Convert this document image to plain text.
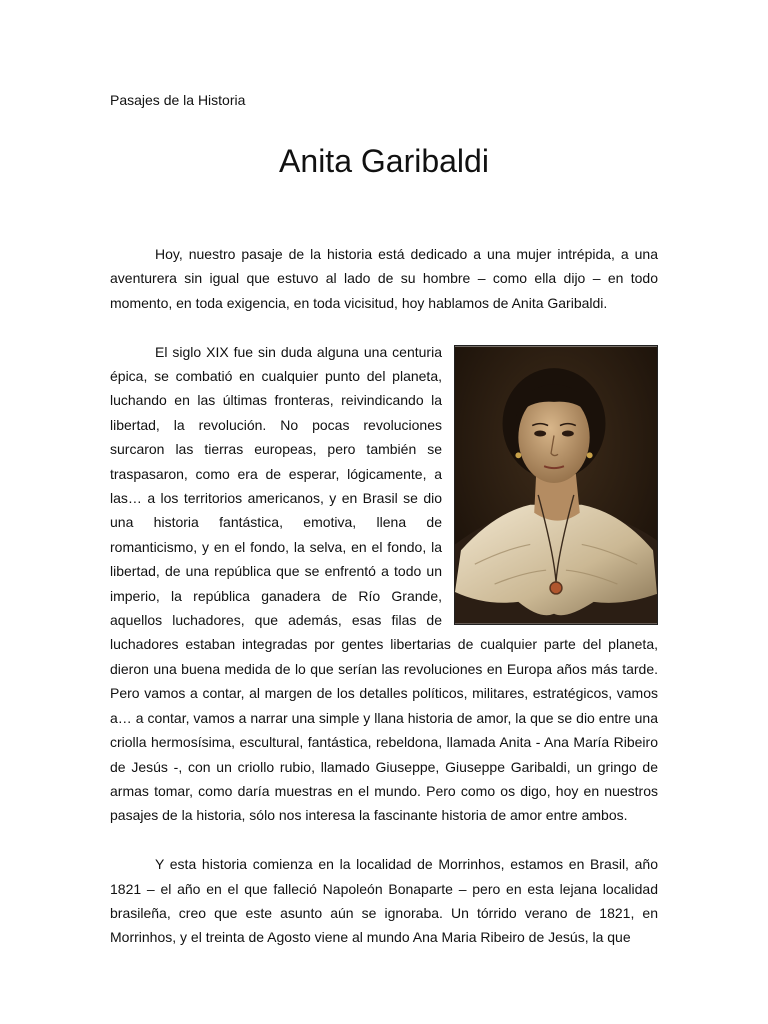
Pasajes de la Historia
Anita Garibaldi

Hoy, nuestro pasaje de la historia está dedicado a una mujer intrépida, a una aventurera sin igual que estuvo al lado de su hombre – como ella dijo – en todo momento, en toda exigencia, en toda vicisitud, hoy hablamos de Anita Garibaldi.

El siglo XIX fue sin duda alguna una centuria épica, se combatió en cualquier punto del planeta, luchando en las últimas fronteras, reivindicando la libertad, la revolución. No pocas revoluciones surcaron las tierras europeas, pero también se traspasaron, como era de esperar, lógicamente, a las… a los territorios americanos, y en Brasil se dio una historia fantástica, emotiva, llena de romanticismo, y en el fondo, la selva, en el fondo, la libertad, de una república que se enfrentó a todo un imperio, la república ganadera de Río Grande, aquellos luchadores, que además, esas filas de luchadores estaban integradas por gentes libertarias de cualquier parte del planeta, dieron una buena medida de lo que serían las revoluciones en Europa años más tarde. Pero vamos a contar, al margen de los detalles políticos, militares, estratégicos, vamos a… a contar, vamos a narrar una simple y llana historia de amor, la que se dio entre una criolla hermosísima, escultural, fantástica, rebeldona, llamada Anita - Ana María Ribeiro de Jesús -, con un criollo rubio, llamado Giuseppe, Giuseppe Garibaldi, un gringo de armas tomar, como daría muestras en el mundo. Pero como os digo, hoy en nuestros pasajes de la historia, sólo nos interesa la fascinante historia de amor entre ambos.

Y esta historia comienza en la localidad de Morrinhos, estamos en Brasil, año 1821 – el año en el que falleció Napoleón Bonaparte – pero en esta lejana localidad brasileña, creo que este asunto aún se ignoraba. Un tórrido verano de 1821, en Morrinhos, y el treinta de Agosto viene al mundo Ana Maria Ribeiro de Jesús, la que
